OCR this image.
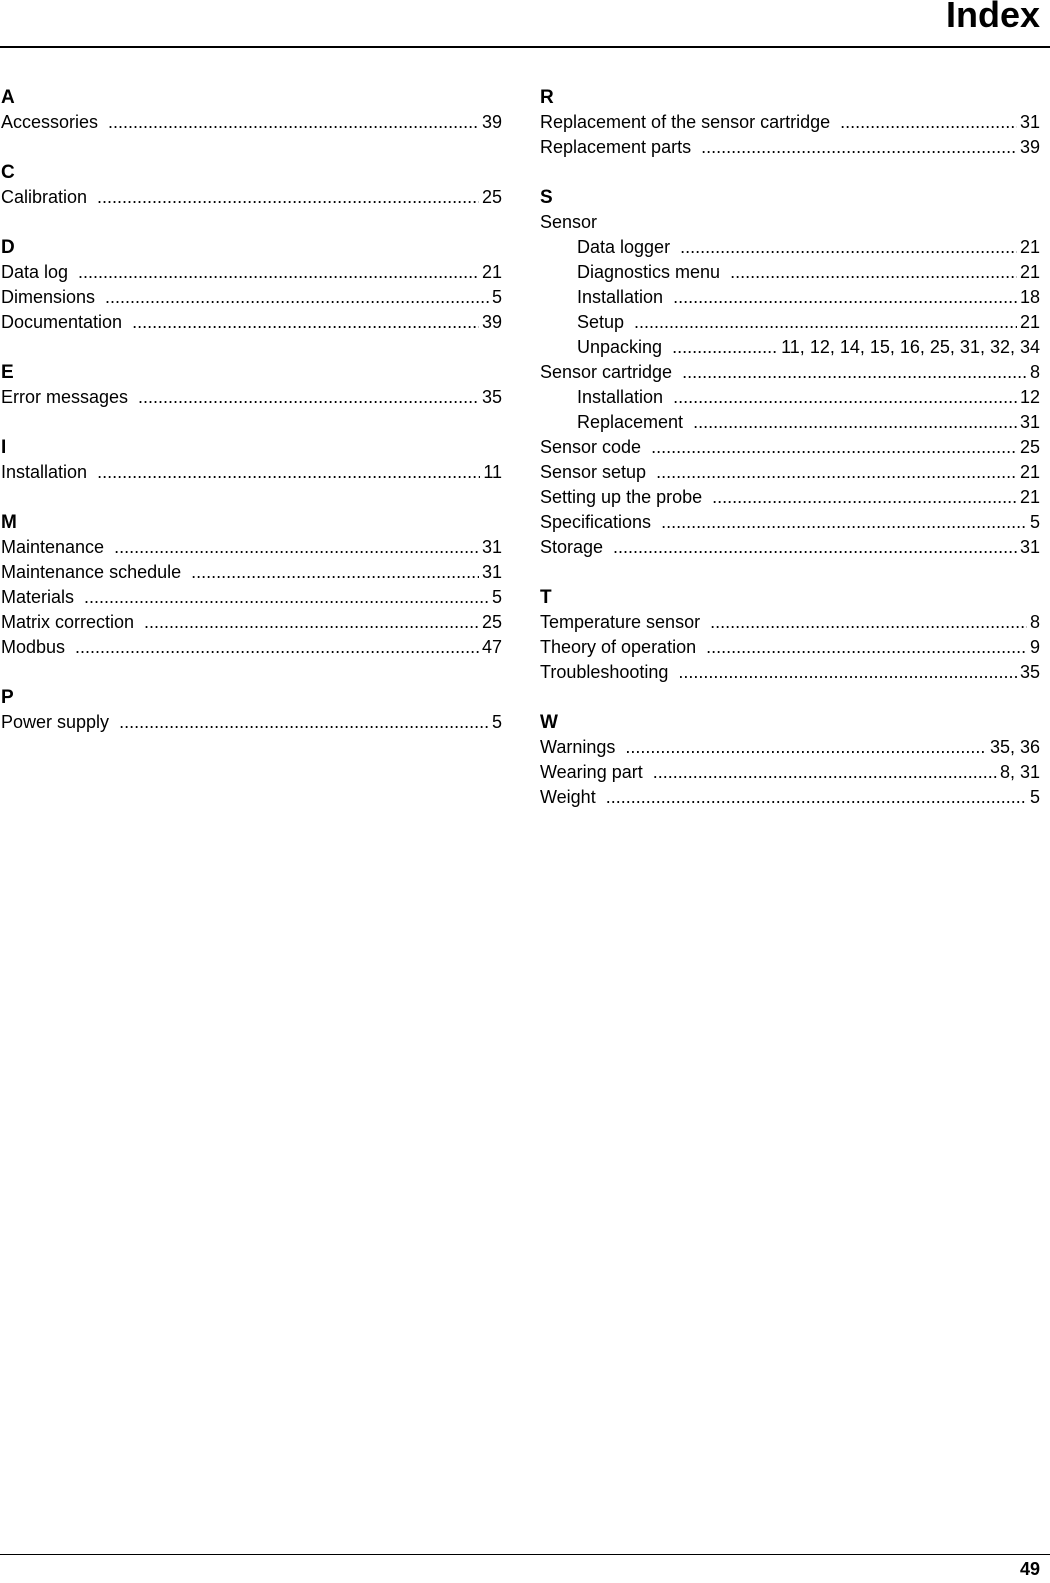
Index
A
Accessories .....	39
C
Calibration .....	25
D
Data log .....	21
Dimensions .....	5
Documentation .....	39
E
Error messages .....	35
I
Installation .....	11
M
Maintenance .....	31
Maintenance schedule .....	31
Materials .....	5
Matrix correction .....	25
Modbus .....	47
P
Power supply .....	5
R
Replacement of the sensor cartridge .....	31
Replacement parts .....	39
S
Sensor
Data logger .....	21
Diagnostics menu .....	21
Installation .....	18
Setup .....	21
Unpacking .....	11, 12, 14, 15, 16, 25, 31, 32, 34
Sensor cartridge .....	8
Installation .....	12
Replacement .....	31
Sensor code .....	25
Sensor setup .....	21
Setting up the probe .....	21
Specifications .....	5
Storage .....	31
T
Temperature sensor .....	8
Theory of operation .....	9
Troubleshooting .....	35
W
Warnings .....	35, 36
Wearing part .....	8, 31
Weight .....	5
49
